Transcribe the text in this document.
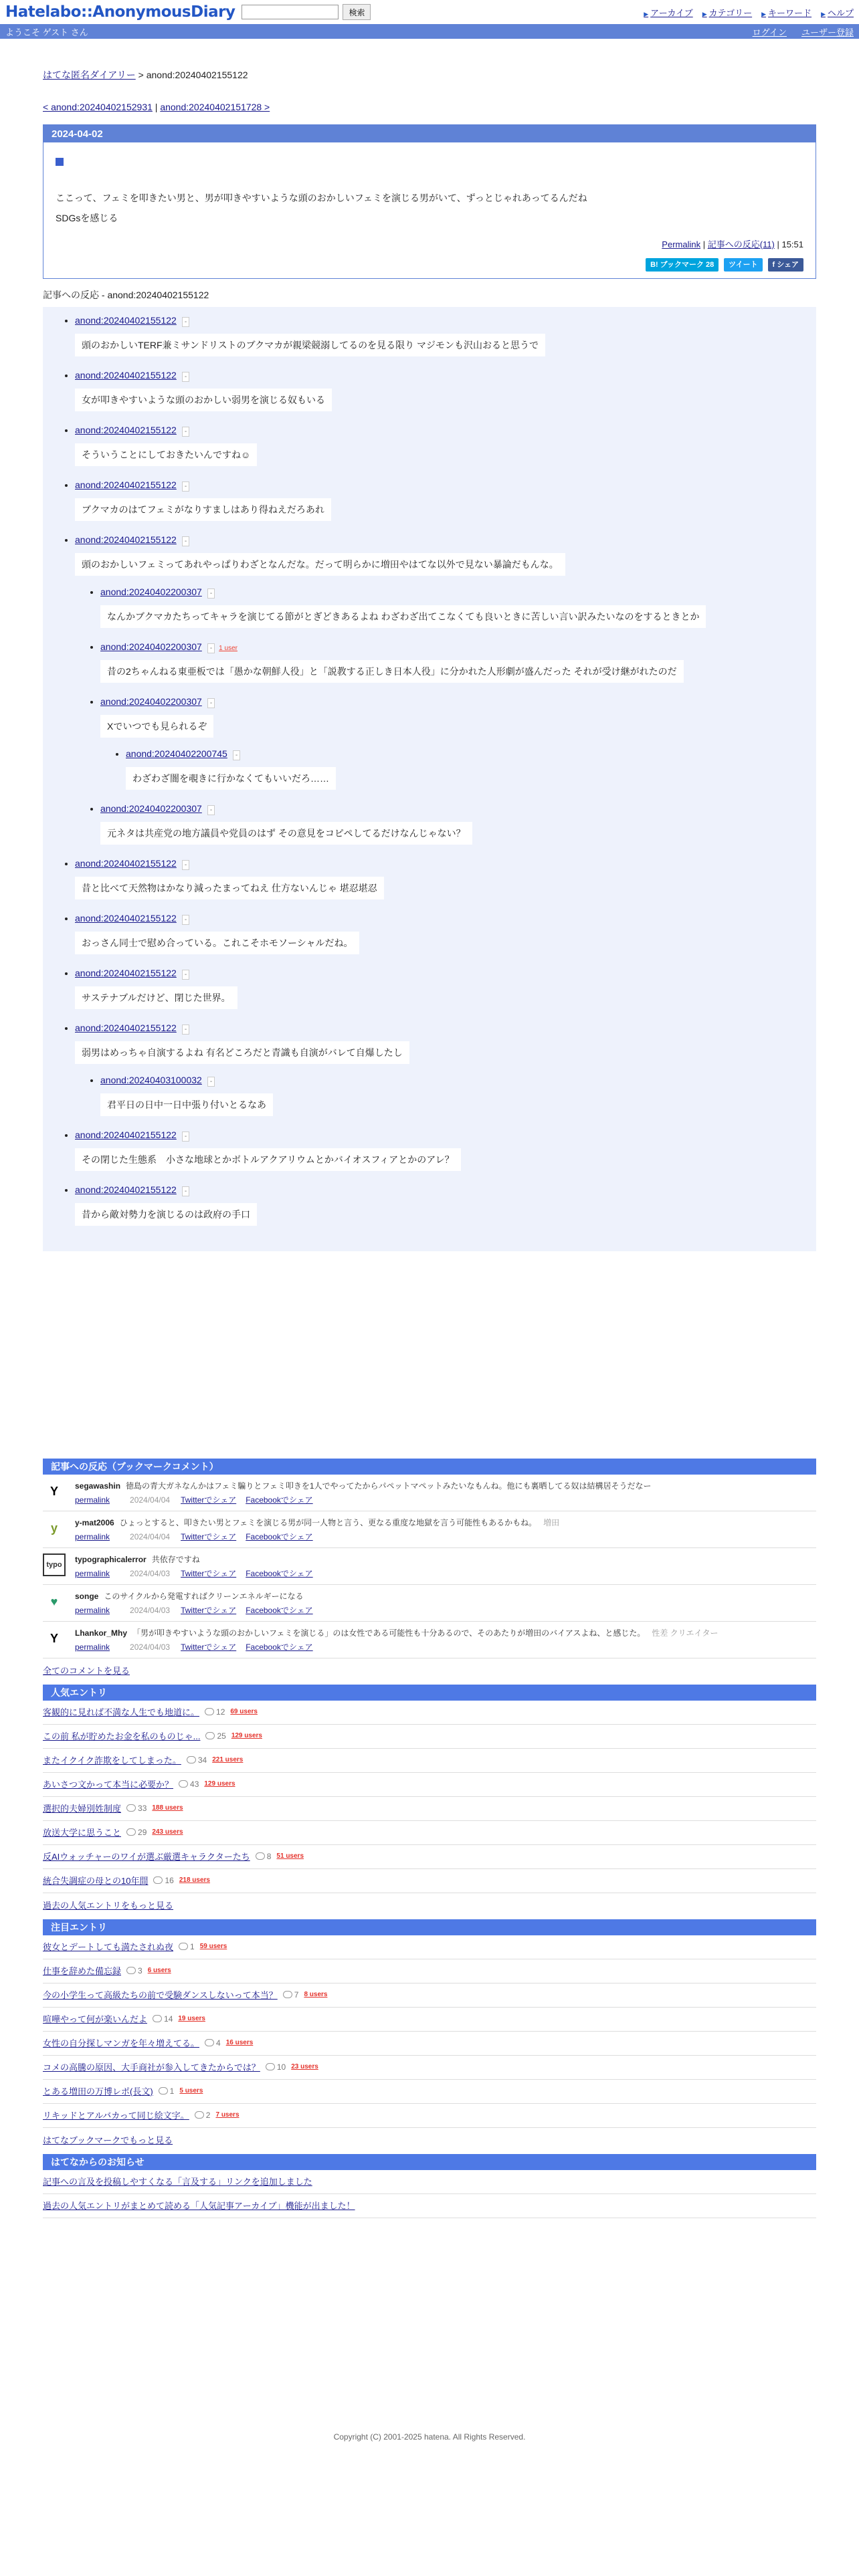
Hatelabo::AnonymousDiary	検索	▶ アーカイブ	▶ カテゴリー	▶ キーワード	▶ ヘルプ
ようこそ ゲスト さん	ログイン ユーザー登録
はてな匿名ダイアリー > anond:20240402155122
< anond:20240402152931 | anond:20240402151728 >
2024-04-02

ここって、フェミを叩きたい男と、男が叩きやすいような頭のおかしいフェミを演じる男がいて、ずっとじゃれあってるんだね

SDGsを感じる

Permalink | 記事への反応(11) | 15:51
B! ブックマーク 28 ツイート f シェア
記事への反応 - anond:20240402155122
• anond:20240402155122 -
頭のおかしいTERF兼ミサンドリストのブクマカが親梁競溺してるのを見る限り マジモンも沢山おると思うで
• anond:20240402155122 -
女が叩きやすいような頭のおかしい弱男を演じる奴もいる
• anond:20240402155122 -
そういうことにしておきたいんですね☺
• anond:20240402155122 -
ブクマカのはてフェミがなりすましはあり得ねえだろあれ
• anond:20240402155122 -
頭のおかしいフェミってあれやっぱりわざとなんだな。だって明らかに増田やはてな以外で見ない暴論だもんな。
• anond:20240402200307 -
なんかブクマカたちってキャラを演じてる節がとぎどきあるよね わざわざ出てこなくても良いときに苦しい言い訳みたいなのをするときとか
• anond:20240402200307 - 1 user
昔の2ちゃんねる東亜板では「愚かな朝鮮人役」と「説教する正しき日本人役」に分かれた人形劇が盛んだった それが受け継がれたのだ
• anond:20240402200307 -
Xでいつでも見られるぞ
• anond:20240402200745 -
わざわざ闇を覗きに行かなくてもいいだろ……
• anond:20240402200307 -
元ネタは共産党の地方議員や党員のはず その意見をコピペしてるだけなんじゃない？
• anond:20240402155122 -
昔と比べて天然物はかなり減ったまってねえ 仕方ないんじゃ 堪忍堪忍
• anond:20240402155122 -
おっさん同士で慰め合っている。これこそホモソーシャルだね。
• anond:20240402155122 -
サステナブルだけど、閉じた世界。
• anond:20240402155122 -
弱男はめっちゃ自演するよね 有名どころだと青識も自演がバレて自爆したし
• anond:20240403100032 -
君平日の日中一日中張り付いとるなあ
• anond:20240402155122 -
その閉じた生態系　小さな地球とかボトルアクアリウムとかバイオスフィアとかのアレ？
• anond:20240402155122 -
昔から敵対勢力を演じるのは政府の手口
記事への反応（ブックマークコメント）
Y	segawashin 徳島の青大ガネなんかはフェミ騙りとフェミ叩きを1人でやってたからパペットマペットみたいなもんね。他にも裏晒してる奴は結構居そうだなー
permalink	2024/04/04 Twitterでシェア Facebookでシェア
y	y-mat2006 ひょっとすると、叩きたい男とフェミを演じる男が同一人物と言う、更なる重度な地獄を言う可能性もあるかもね。 増田
permalink	2024/04/04 Twitterでシェア Facebookでシェア
typo
typographicalerror 共依存ですね
permalink	2024/04/03 Twitterでシェア Facebookでシェア
♥	songe このサイクルから発電すればクリーンエネルギーになる
permalink	2024/04/03 Twitterでシェア Facebookでシェア
Y	Lhankor_Mhy 「男が叩きやすいような頭のおかしいフェミを演じる」のは女性である可能性も十分あるので、そのあたりが増田のバイアスよね、と感じた。 性差 クリエイター
permalink	2024/04/03 Twitterでシェア Facebookでシェア
全てのコメントを見る
人気エントリ
客観的に見れば不満な人生でも地道に。 12 69 users
この前 私が貯めたお金を私のものじゃ... 25 129 users
またイクイク詐欺をしてしまった。 34 221 users
あいさつ文かって本当に必要か？ 43 129 users
選択的夫婦別姓制度 33 188 users
放送大学に思うこと 29 243 users
反AIウォッチャーのワイが選ぶ厳選キャラクターたち 8 51 users
統合失調症の母との10年間 16 218 users
過去の人気エントリをもっと見る
注目エントリ
彼女とデートしても満たされぬ夜 1 59 users
仕事を辞めた備忘録 3 6 users
今の小学生って高級たちの前で受験ダンスしないって本当？ 7 8 users
喧嘩やって何が楽いんだよ 14 19 users
女性の自分探しマンガを年々増えてる。 4 16 users
コメの高騰の原因、大手商社が参入してきたからでは？ 10 23 users
とある増田の万博レポ(長文) 1 5 users
リキッドとアルバカって同じ絵文字。 2 7 users
はてなブックマークでもっと見る
はてなからのお知らせ
記事への言及を投稿しやすくなる「言及する」リンクを追加しました
過去の人気エントリがまとめて読める「人気記事アーカイブ」機能が出ました！
Copyright (C) 2001-2025 hatena. All Rights Reserved.
